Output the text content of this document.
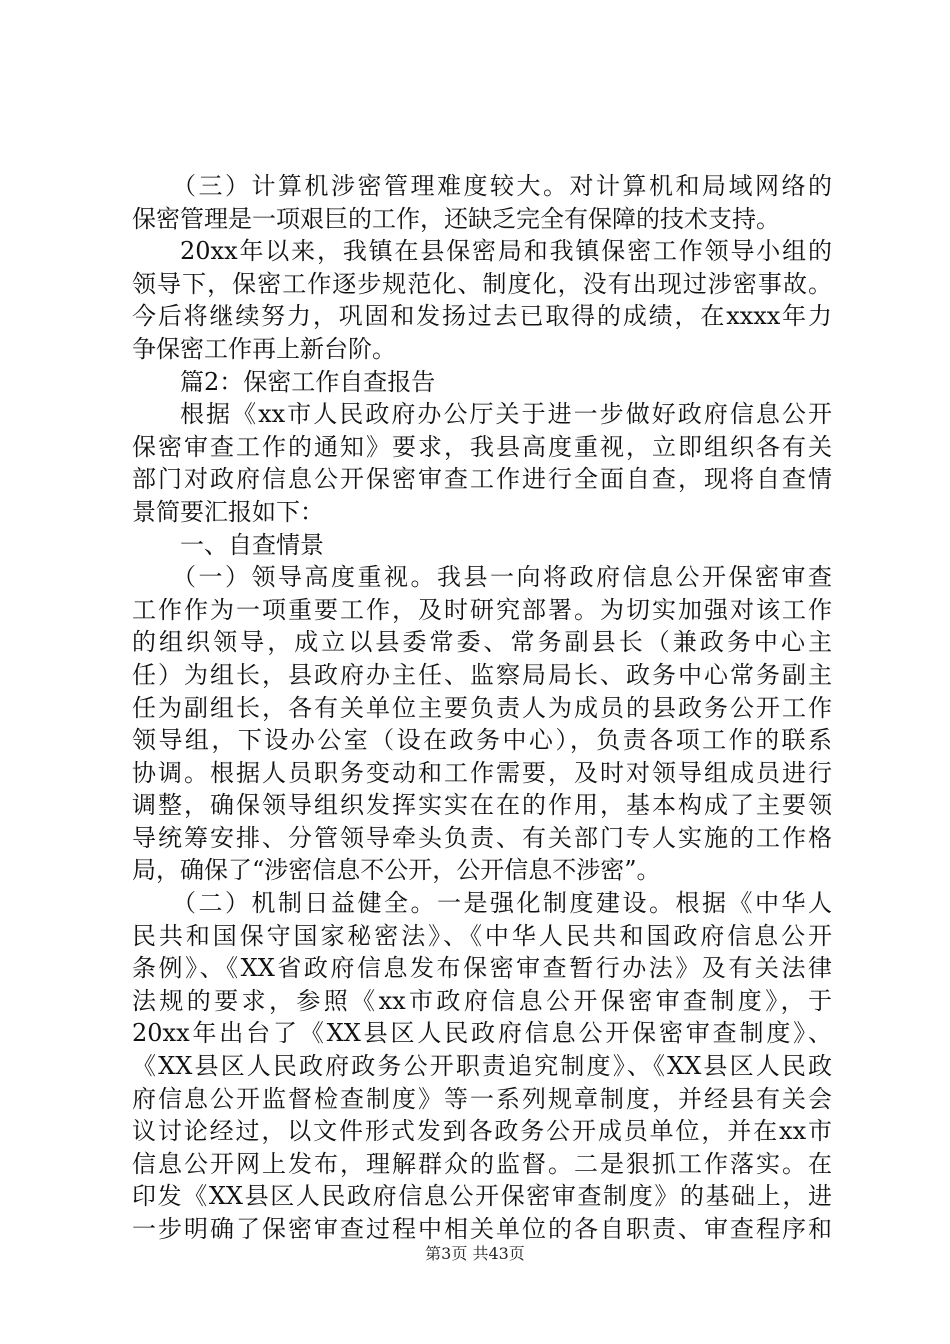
（三）计算机涉密管理难度较大。对计算机和局域网络的
保密管理是一项艰巨的工作，还缺乏完全有保障的技术支持。
20xx年以来，我镇在县保密局和我镇保密工作领导小组的
领导下，保密工作逐步规范化、制度化，没有出现过涉密事故。
今后将继续努力，巩固和发扬过去已取得的成绩，在xxxx年力
争保密工作再上新台阶。
篇2：保密工作自查报告
根据《xx市人民政府办公厅关于进一步做好政府信息公开
保密审查工作的通知》要求，我县高度重视，立即组织各有关
部门对政府信息公开保密审查工作进行全面自查，现将自查情
景简要汇报如下：
一、自查情景
（一）领导高度重视。我县一向将政府信息公开保密审查
工作作为一项重要工作，及时研究部署。为切实加强对该工作
的组织领导，成立以县委常委、常务副县长（兼政务中心主
任）为组长，县政府办主任、监察局局长、政务中心常务副主
任为副组长，各有关单位主要负责人为成员的县政务公开工作
领导组，下设办公室（设在政务中心），负责各项工作的联系
协调。根据人员职务变动和工作需要，及时对领导组成员进行
调整，确保领导组织发挥实实在在的作用，基本构成了主要领
导统筹安排、分管领导牵头负责、有关部门专人实施的工作格
局，确保了“涉密信息不公开，公开信息不涉密”。
（二）机制日益健全。一是强化制度建设。根据《中华人
民共和国保守国家秘密法》、《中华人民共和国政府信息公开
条例》、《XX省政府信息发布保密审查暂行办法》及有关法律
法规的要求，参照《xx市政府信息公开保密审查制度》，于
20xx年出台了《XX县区人民政府信息公开保密审查制度》、
《XX县区人民政府政务公开职责追究制度》、《XX县区人民政
府信息公开监督检查制度》等一系列规章制度，并经县有关会
议讨论经过，以文件形式发到各政务公开成员单位，并在xx市
信息公开网上发布，理解群众的监督。二是狠抓工作落实。在
印发《XX县区人民政府信息公开保密审查制度》的基础上，进
一步明确了保密审查过程中相关单位的各自职责、审查程序和
第3页 共43页
